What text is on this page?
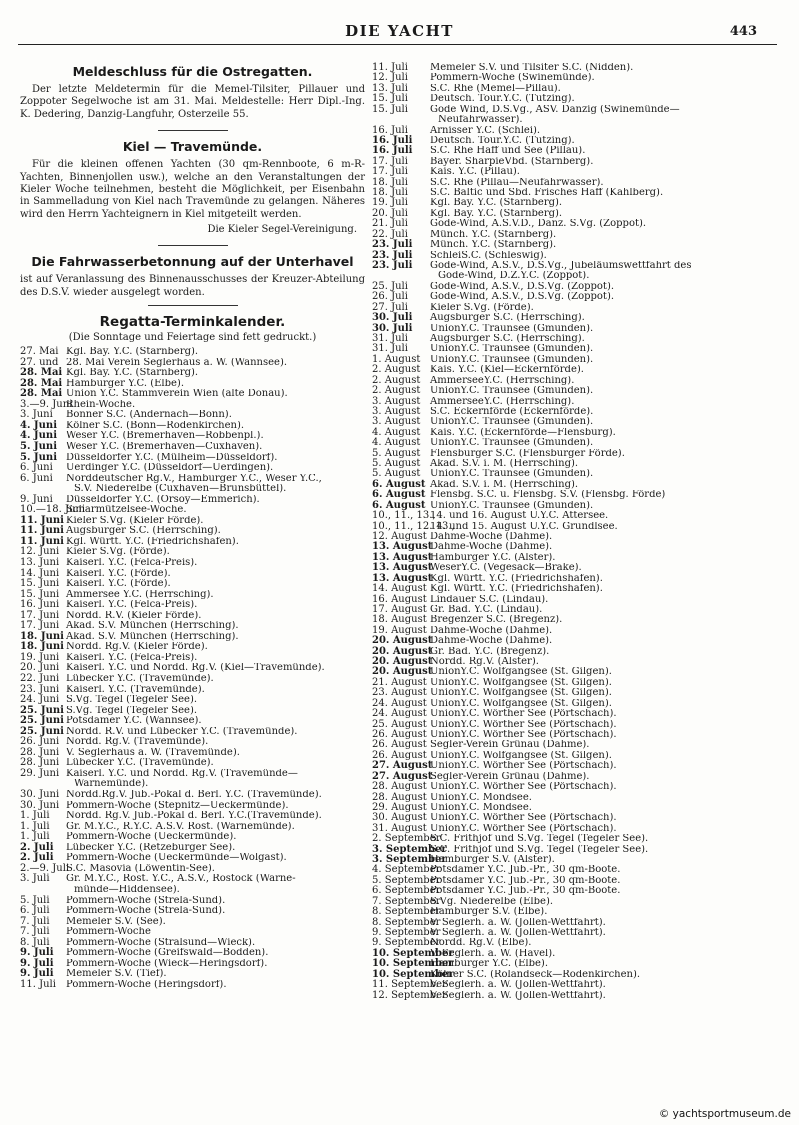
DIE YACHT	443
Meldeschluss für die Ostregatten.

Der letzte Meldetermin für die Memel-Tilsiter, Pillauer und Zoppoter Segelwoche ist am 31. Mai. Meldestelle: Herr Dipl.-Ing. K. Dedering, Danzig-Langfuhr, Osterzeile 55.

Kiel — Travemünde.

Für die kleinen offenen Yachten (30 qm-Rennboote, 6 m-R-Yachten, Binnenjollen usw.), welche an den Veranstaltungen der Kieler Woche teilnehmen, besteht die Möglichkeit, per Eisenbahn in Sammelladung von Kiel nach Travemünde zu gelangen. Näheres wird den Herrn Yachteignern in Kiel mitgeteilt werden.

Die Kieler Segel-Vereinigung.
Die Fahrwasserbetonnung auf der Unterhavel

ist auf Veranlassung des Binnenausschusses der Kreuzer-Abteilung des D.S.V. wieder ausgelegt worden.

Regatta-Terminkalender.
(Die Sonntage und Feiertage sind fett gedruckt.)
27. Mai Kgl. Bay. Y.C. (Starnberg).
27. und 28. Mai Verein Seglerhaus a. W. (Wannsee).
28. Mai Kgl. Bay. Y.C. (Starnberg).
28. Mai Hamburger Y.C. (Elbe).
28. Mai Union Y.C. Stammverein Wien (alte Donau).
3.—9. Juni
Rhein-Woche.
3. Juni	Bonner S.C. (Andernach—Bonn).
4. Juni Kölner S.C. (Bonn—Rodenkirchen).
4. Juni Weser Y.C. (Bremerhaven—Robbenpl.).
5. Juni Weser Y.C. (Bremerhaven—Cuxhaven).
5. Juni Düsseldorfer Y.C. (Mülheim—Düsseldorf).
6. Juni	Uerdinger Y.C. (Düsseldorf—Uerdingen).
6. Juni	Norddeutscher Rg.V., Hamburger Y.C., Weser Y.C.,
S.V. Niederelbe (Cuxhaven—Brunsbüttel).
9. Juni	Düsseldorfer Y.C. (Orsoy—Emmerich).
10.—18. Juni
Scharmützelsee-Woche.
11. Juni Kieler S.Vg. (Kieler Förde).
11. Juni Augsburger S.C. (Herrsching).
11. Juni Kgl. Württ. Y.C. (Friedrichshafen).
12. Juni Kieler S.Vg. (Förde).
13. Juni Kaiserl. Y.C. (Felca-Preis).
14. Juni Kaiserl. Y.C. (Förde).
15. Juni Kaiserl. Y.C. (Förde).
15. Juni Ammersee Y.C. (Herrsching).
16. Juni Kaiserl. Y.C. (Felca-Preis).
17. Juni Nordd. R.V. (Kieler Förde).
17. Juni Akad. S.V. München (Herrsching).
18. Juni Akad. S.V. München (Herrsching).
18. Juni Nordd. Rg.V. (Kieler Förde).
19. Juni Kaiserl. Y.C. (Felca-Preis).
20. Juni Kaiserl. Y.C. und Nordd. Rg.V. (Kiel—Travemünde).
22. Juni Lübecker Y.C. (Travemünde).
23. Juni Kaiserl. Y.C. (Travemünde).
24. Juni S.Vg. Tegel (Tegeler See).
25. Juni S.Vg. Tegel (Tegeler See).
25. Juni Potsdamer Y.C. (Wannsee).
25. Juni Nordd. R.V. und Lübecker Y.C. (Travemünde).
26. Juni Nordd. Rg.V. (Travemünde).
28. Juni V. Seglerhaus a. W. (Travemünde).
28. Juni Lübecker Y.C. (Travemünde).
29. Juni Kaiserl. Y.C. und Nordd. Rg.V. (Travemünde—
Warnemünde).
30. Juni Nordd.Rg.V. Jub.-Pokal d. Berl. Y.C. (Travemünde).
30. Juni Pommern-Woche (Stepnitz—Ueckermünde).
1. Juli	Nordd. Rg.V. Jub.-Pokal d. Berl. Y.C.(Travemünde).
1. Juli	Gr. M.Y.C., R.Y.C. A.S.V. Rost. (Warnemünde).
1. Juli	Pommern-Woche (Ueckermünde).
2. Juli	Lübecker Y.C. (Retzeburger See).
2. Juli	Pommern-Woche (Ueckermünde—Wolgast).
2.—9. Juli
S.C. Masovia (Löwentin-See).
3. Juli	Gr. M.Y.C., Rost. Y.C., A.S.V., Rostock (Warne-
münde—Hiddensee).
5. Juli	Pommern-Woche (Strela-Sund).
6. Juli	Pommern-Woche (Strela-Sund).
7. Juli	Memeler S.V. (See).
7. Juli	Pommern-Woche
8. Juli	Pommern-Woche (Stralsund—Wieck).
9. Juli	Pommern-Woche (Greifswald—Bodden).
9. Juli	Pommern-Woche (Wieck—Heringsdorf).
9. Juli	Memeler S.V. (Tief).
11. Juli	Pommern-Woche (Heringsdorf).
11. Juli	Memeler S.V. und Tilsiter S.C. (Nidden).
12. Juli	Pommern-Woche (Swinemünde).
13. Juli	S.C. Rhe (Memel—Pillau).
15. Juli	Deutsch. Tour.Y.C. (Tutzing).
15. Juli	Gode Wind, D.S.Vg., ASV. Danzig (Swinemünde—
Neufahrwasser).
16. Juli	Arnisser Y.C. (Schlei).
16. Juli	Deutsch. Tour.Y.C. (Tutzing).
16. Juli	S.C. Rhe Haff und See (Pillau).
17. Juli	Bayer. SharpieVbd. (Starnberg).
17. Juli	Kais. Y.C. (Pillau).
18. Juli	S.C. Rhe (Pillau—Neufahrwasser).
18. Juli	S.C. Baltic und Sbd. Frisches Haff (Kahlberg).
19. Juli	Kgl. Bay. Y.C. (Starnberg).
20. Juli	Kgl. Bay. Y.C. (Starnberg).
21. Juli	Gode-Wind, A.S.V.D., Danz. S.Vg. (Zoppot).
22. Juli	Münch. Y.C. (Starnberg).
23. Juli	Münch. Y.C. (Starnberg).
23. Juli	SchleiS.C. (Schleswig).
23. Juli	Gode-Wind, A.S.V., D.S.Vg., Jubeläumswettfahrt des
Gode-Wind, D.Z.Y.C. (Zoppot).
25. Juli	Gode-Wind, A.S.V., D.S.Vg. (Zoppot).
26. Juli	Gode-Wind, A.S.V., D.S.Vg. (Zoppot).
27. Juli	Kieler S.Vg. (Förde).
30. Juli	Augsburger S.C. (Herrsching).
30. Juli	UnionY.C. Traunsee (Gmunden).
31. Juli	Augsburger S.C. (Herrsching).
31. Juli	UnionY.C. Traunsee (Gmunden).
1. August UnionY.C. Traunsee (Gmunden).
2. August Kais. Y.C. (Kiel—Eckernförde).
2. August AmmerseeY.C. (Herrsching).
2. August UnionY.C. Traunsee (Gmunden).
3. August AmmerseeY.C. (Herrsching).
3. August S.C. Eckernförde (Eckernförde).
3. August UnionY.C. Traunsee (Gmunden).
4. August Kais. Y.C. (Eckernförde—Flensburg).
4. August UnionY.C. Traunsee (Gmunden).
5. August Flensburger S.C. (Flensburger Förde).
5. August Akad. S.V. i. M. (Herrsching).
5. August UnionY.C. Traunsee (Gmunden).
6. August Akad. S.V. i. M. (Herrsching).
6. August Flensbg. S.C. u. Flensbg. S.V. (Flensbg. Förde)
6. August UnionY.C. Traunsee (Gmunden).
10., 11., 13.,
14. und 16. August U.Y.C. Attersee.
10., 11., 12. 13.,
14. und 15. August U.Y.C. Grundlsee.
12. August Dahme-Woche (Dahme).
13. August
Dahme-Woche (Dahme).
13. August
Hamburger Y.C. (Alster).
13. August
WeserY.C. (Vegesack—Brake).
13. August
Kgl. Württ. Y.C. (Friedrichshafen).
14. August Kgl. Württ. Y.C. (Friedrichshafen).
16. August Lindauer S.C. (Lindau).
17. August Gr. Bad. Y.C. (Lindau).
18. August Bregenzer S.C. (Bregenz).
19. August Dahme-Woche (Dahme).
20. August
Dahme-Woche (Dahme).
20. August
Gr. Bad. Y.C. (Bregenz).
20. August
Nordd. Rg.V. (Alster).
20. August
UnionY.C. Wolfgangsee (St. Gilgen).
21. August UnionY.C. Wolfgangsee (St. Gilgen).
23. August UnionY.C. Wolfgangsee (St. Gilgen).
24. August UnionY.C. Wolfgangsee (St. Gilgen).
24. August UnionY.C. Wörther See (Pörtschach).
25. August UnionY.C. Wörther See (Pörtschach).
26. August UnionY.C. Wörther See (Pörtschach).
26. August Segler-Verein Grünau (Dahme).
26. August UnionY.C. Wolfgangsee (St. Gilgen).
27. August
UnionY.C. Wörther See (Pörtschach).
27. August
Segler-Verein Grünau (Dahme).
28. August UnionY.C. Wörther See (Pörtschach).
28. August UnionY.C. Mondsee.
29. August UnionY.C. Mondsee.
30. August UnionY.C. Wörther See (Pörtschach).
31. August UnionY.C. Wörther See (Pörtschach).
2. September
S.C. Frithjof und S.Vg. Tegel (Tegeler See).
3. September
S.C. Frithjof und S.Vg. Tegel (Tegeler See).
3. September
Hamburger S.V. (Alster).
4. September
Potsdamer Y.C. Jub.-Pr., 30 qm-Boote.
5. September
Potsdamer Y.C. Jub.-Pr., 30 qm-Boote.
6. September
Potsdamer Y.C. Jub.-Pr., 30 qm-Boote.
7. September
S.Vg. Niederelbe (Elbe).
8. September
Hamburger S.V. (Elbe).
8. September
V. Seglerh. a. W. (Jollen-Wettfahrt).
9. September
V. Seglerh. a. W. (Jollen-Wettfahrt).
9. September
Nordd. Rg.V. (Elbe).
10. September
V. Seglerh. a. W. (Havel).
10. September
Hamburger Y.C. (Elbe).
10. September
Kölner S.C. (Rolandseck—Rodenkirchen).
11. September
V. Seglerh. a. W. (Jollen-Wettfahrt).
12. September
V. Seglerh. a. W. (Jollen-Wettfahrt).
© yachtsportmuseum.de
